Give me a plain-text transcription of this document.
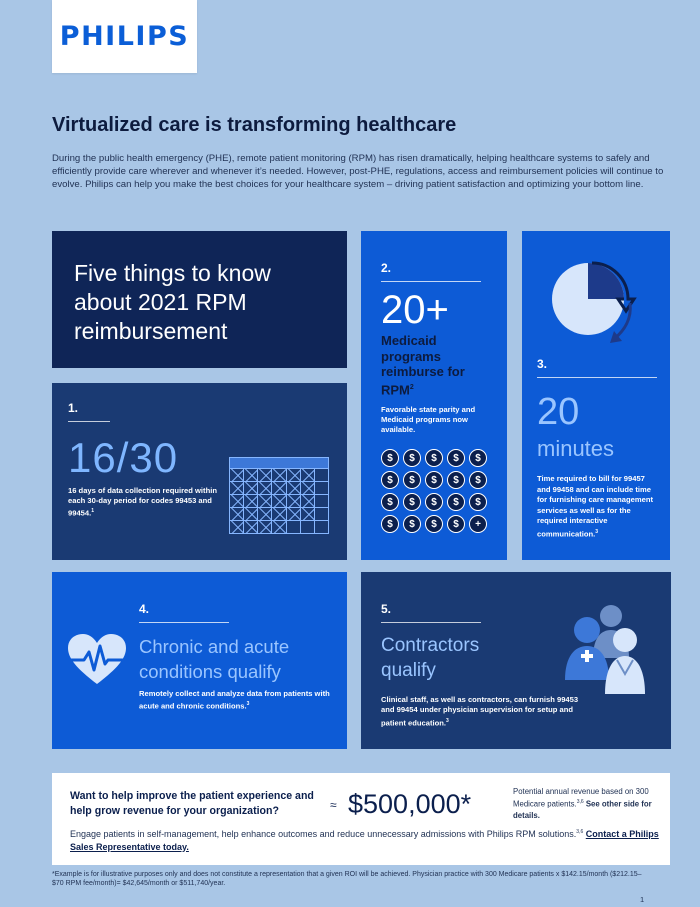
PHILIPS
Virtualized care is transforming healthcare

During the public health emergency (PHE), remote patient monitoring (RPM) has risen dramatically, helping healthcare systems to safely and efficiently provide care wherever and whenever it’s needed. However, post-PHE, regulations, access and reimbursement policies will continue to evolve. Philips can help you make the best choices for your healthcare system – driving patient satisfaction and optimizing your bottom line.

Five things to know about 2021 RPM reimbursement
1.
16/30
16 days of data collection required within each 30-day period for codes 99453 and 99454.$^1$
2.
20+
Medicaid programs reimburse for RPM$^2$
Favorable state parity and Medicaid programs now available.
$	$	$	$	$
$	$	$	$	$
$	$	$	$	$
$	$	$	$	+
3.
20
minutes
Time required to bill for 99457 and 99458 and can include time for furnishing care management services as well as for the required interactive communication.$^3$
4.
Chronic and acute conditions qualify
Remotely collect and analyze data from patients with acute and chronic conditions.$^3$
5.
Contractors qualify
Clinical staff, as well as contractors, can furnish 99453 and 99454 under physician supervision for setup and patient education.$^3$
Want to help improve the patient experience and help grow revenue for your organization?	≈ $500,000*	Potential annual revenue based on 300 Medicare patients.$^{3,6}$ See other side for details.
Engage patients in self-management, help enhance outcomes and reduce unnecessary admissions with Philips RPM solutions.$^{3,6}$ Contact a Philips Sales Representative today.

*Example is for illustrative purposes only and does not constitute a representation that a given ROI will be achieved. Physician practice with 300 Medicare patients x $142.15/month ($212.15–$70 RPM fee/month)= $42,645/month or $511,740/year.

1
